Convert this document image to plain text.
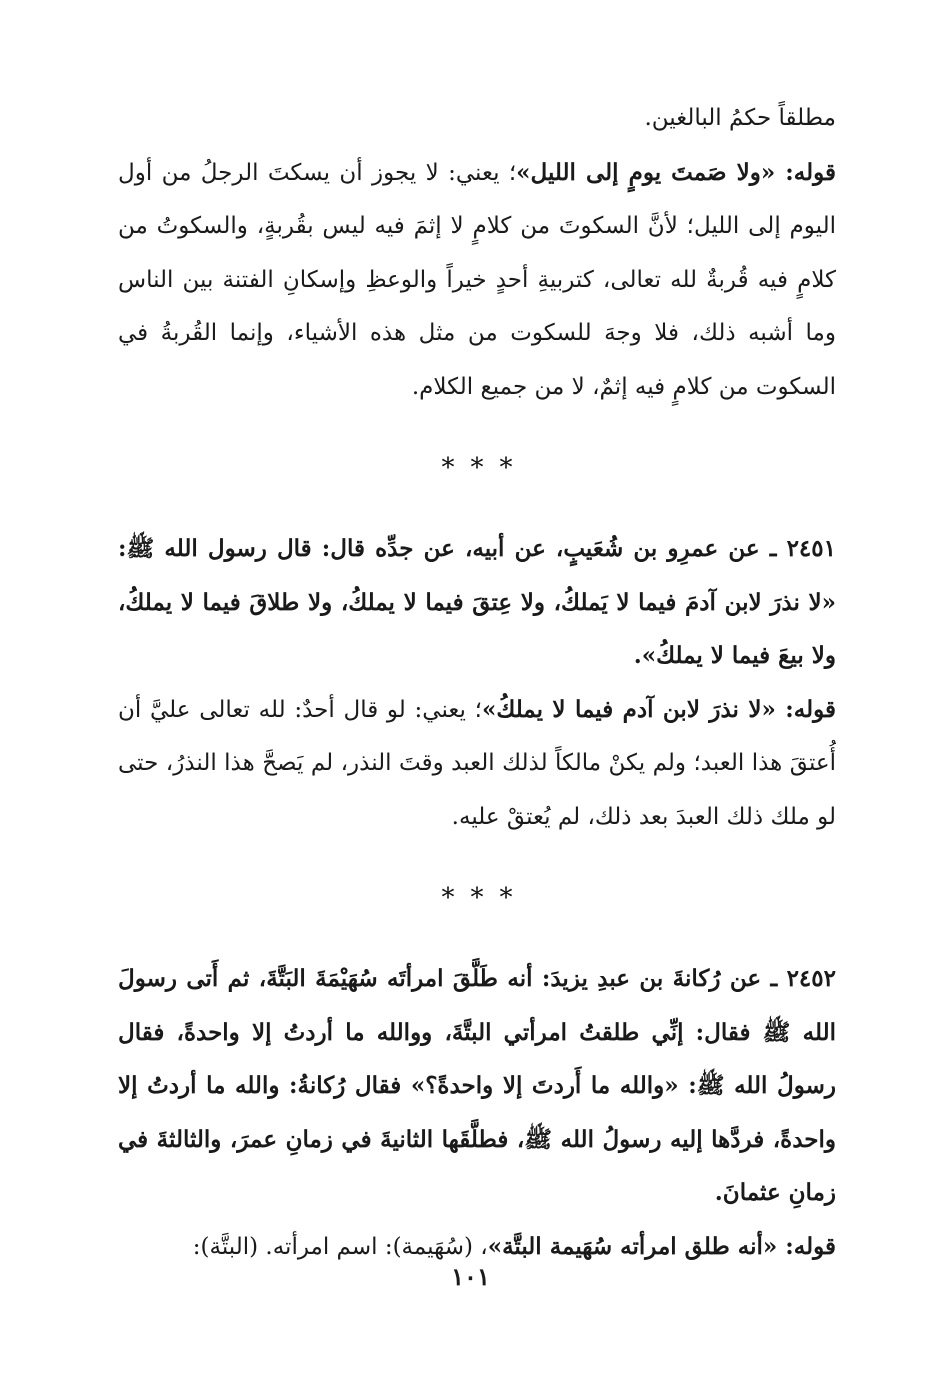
مطلقاً حكمُ البالغين.

قوله: «ولا صَمتَ يومٍ إلى الليل»؛ يعني: لا يجوز أن يسكتَ الرجلُ من أول اليوم إلى الليل؛ لأنَّ السكوتَ من كلامٍ لا إثمَ فيه ليس بقُربةٍ، والسكوتُ من كلامٍ فيه قُربةٌ لله تعالى، كتربيةِ أحدٍ خيراً والوعظِ وإسكانِ الفتنة بين الناس وما أشبه ذلك، فلا وجهَ للسكوت من مثل هذه الأشياء، وإنما القُربةُ في السكوت من كلامٍ فيه إثمٌ، لا من جميع الكلام.

* * *

٢٤٥١ ـ عن عمرِو بن شُعَيبٍ، عن أبيه، عن جدِّه قال: قال رسول الله ﷺ: «لا نذرَ لابن آدمَ فيما لا يَملكُ، ولا عِتقَ فيما لا يملكُ، ولا طلاقَ فيما لا يملكُ، ولا بيعَ فيما لا يملكُ».

قوله: «لا نذرَ لابن آدم فيما لا يملكُ»؛ يعني: لو قال أحدٌ: لله تعالى عليَّ أن أُعتقَ هذا العبد؛ ولم يكنْ مالكاً لذلك العبد وقتَ النذر، لم يَصحَّ هذا النذرُ، حتى لو ملك ذلك العبدَ بعد ذلك، لم يُعتقْ عليه.

* * *

٢٤٥٢ ـ عن رُكانةَ بن عبدِ يزيدَ: أنه طَلَّقَ امرأتَه سُهَيْمَةَ البَتَّةَ، ثم أَتى رسولَ الله ﷺ فقال: إنِّي طلقتُ امرأتي البتَّةَ، ووالله ما أردتُ إلا واحدةً، فقال رسولُ الله ﷺ: «والله ما أَردتَ إلا واحدةً؟» فقال رُكانةُ: والله ما أردتُ إلا واحدةً، فردَّها إليه رسولُ الله ﷺ، فطلَّقَها الثانيةَ في زمانِ عمرَ، والثالثةَ في زمانِ عثمانَ.

قوله: «أنه طلق امرأته سُهَيمة البتَّة»، (سُهَيمة): اسم امرأته. (البتَّة):

١٠١
